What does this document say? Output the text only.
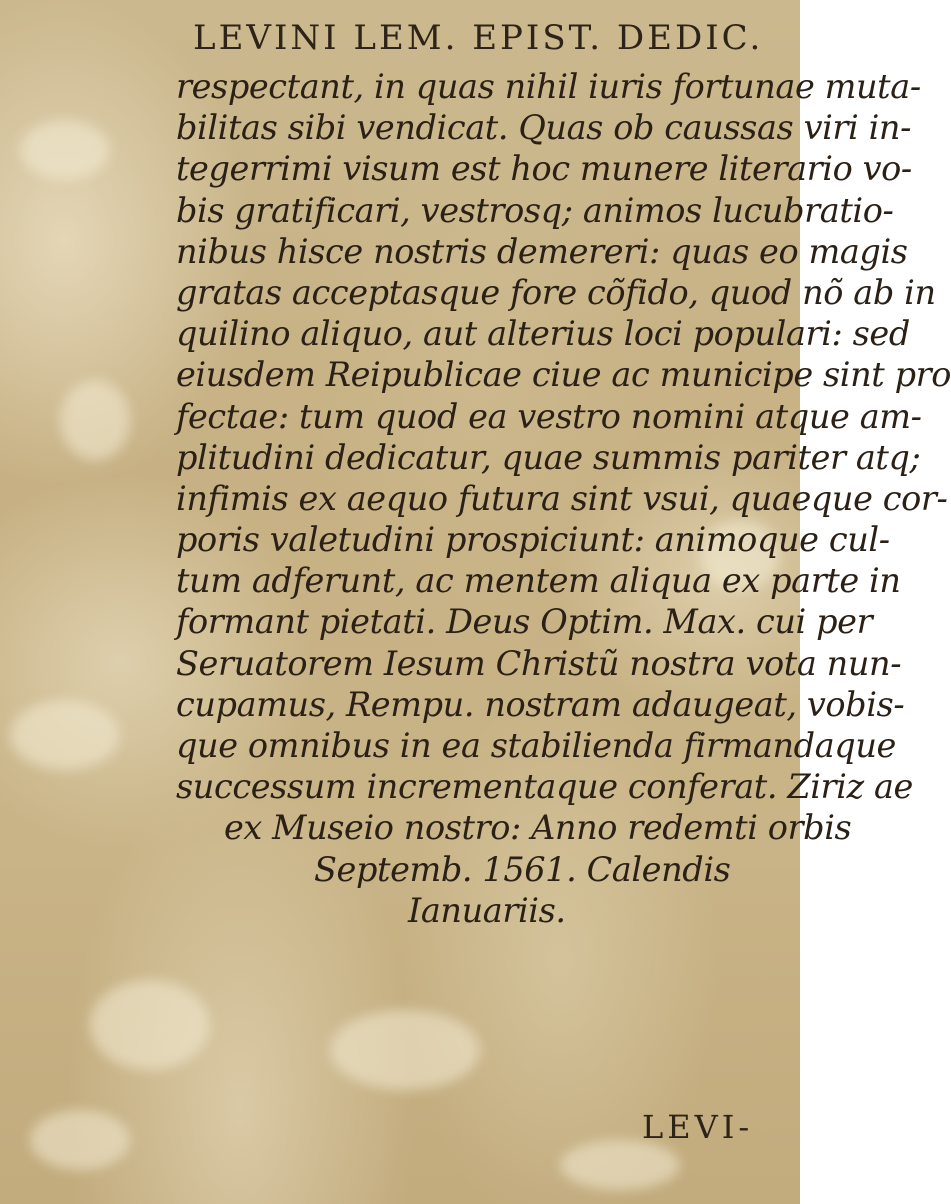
LEVINI LEM. EPIST. DEDIC.
respectant, in quas nihil iuris fortunae muta-
bilitas sibi vendicat. Quas ob caussas viri in-
tegerrimi visum est hoc munere literario vo-
bis gratificari, vestrosq; animos lucubratio-
nibus hisce nostris demereri: quas eo magis
gratas acceptasque fore cõfido, quod nõ ab in
quilino aliquo, aut alterius loci populari: sed
eiusdem Reipublicae ciue ac municipe sint pro
fectae: tum quod ea vestro nomini atque am-
plitudini dedicatur, quae summis pariter atq;
infimis ex aequo futura sint vsui, quaeque cor-
poris valetudini prospiciunt: animoque cul-
tum adferunt, ac mentem aliqua ex parte in
formant pietati. Deus Optim. Max. cui per
Seruatorem Iesum Christũ nostra vota nun-
cupamus, Rempu. nostram adaugeat, vobis-
que omnibus in ea stabilienda firmandaque
successum incrementaque conferat. Ziriz ae
ex Museio nostro: Anno redemti orbis
Septemb. 1561. Calendis
Ianuariis.
LEVI-
